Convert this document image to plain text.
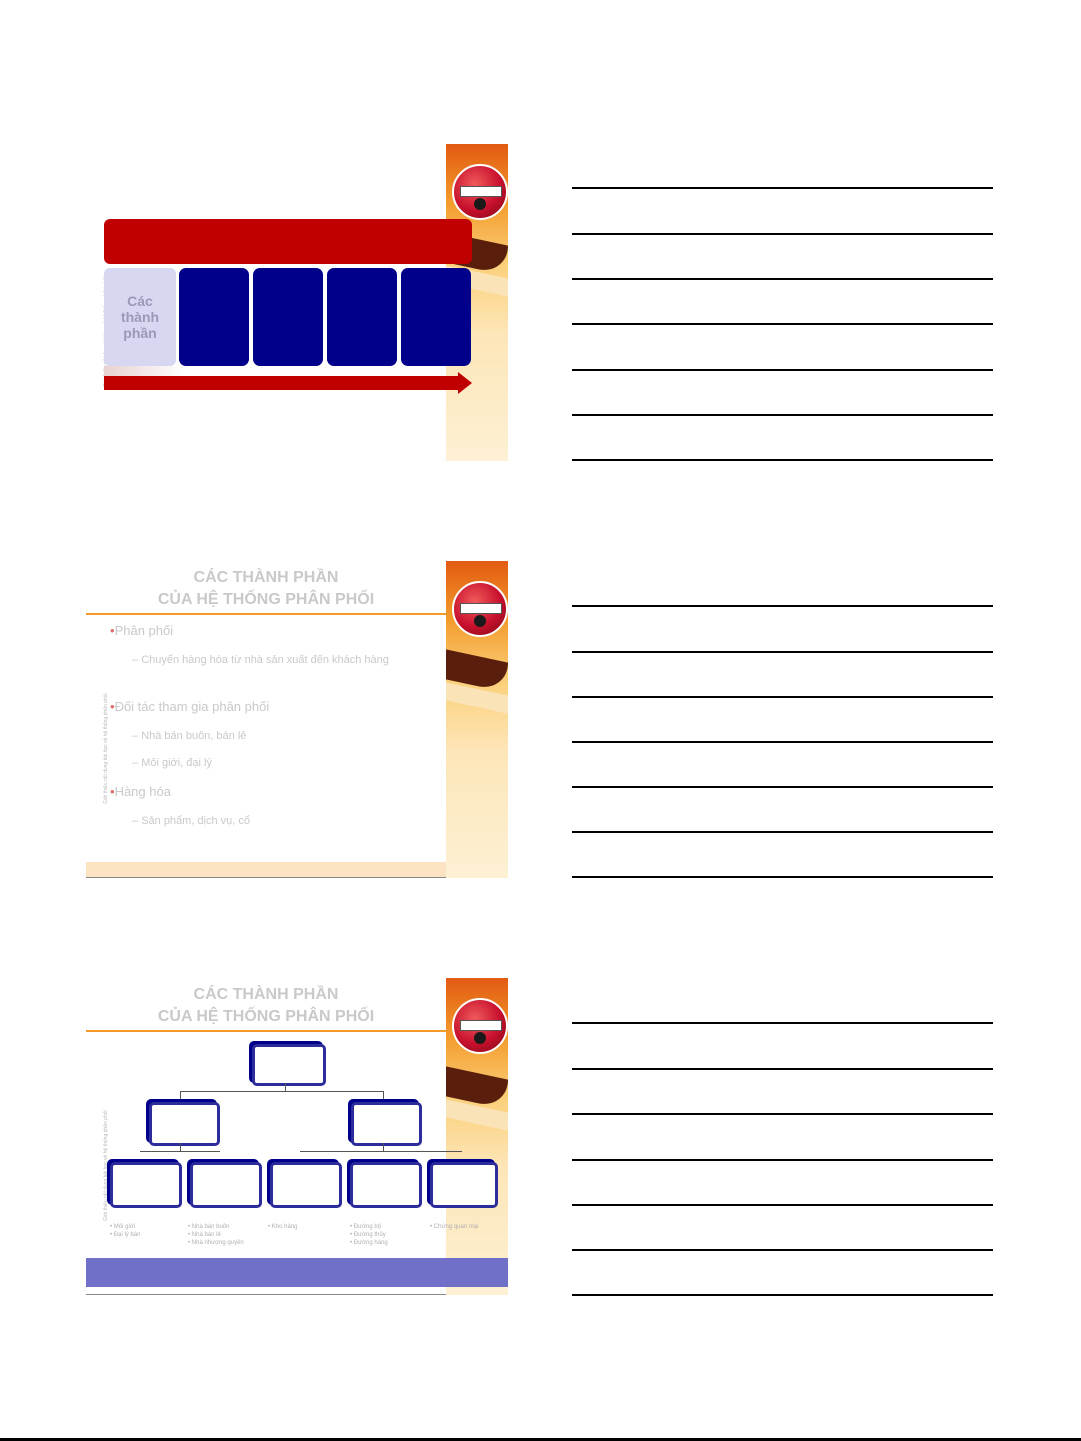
Các
thành
phần
Giới thiệu nội dung bài học về hệ thống phân phối
CÁC THÀNH PHẦN
CỦA HỆ THỐNG PHÂN PHỐI
•Phân phối
– Chuyển hàng hóa từ nhà sản xuất đến khách hàng
•Đối tác tham gia phân phối
– Nhà bán buôn, bán lẻ
– Môi giới, đại lý
•Hàng hóa
– Sản phẩm, dịch vụ, cổ
Giới thiệu nội dung bài học về hệ thống phân phối
CÁC THÀNH PHẦN
CỦA HỆ THỐNG PHÂN PHỐI
• Môi giới
• Đại lý bán
• Nhà bán buôn
• Nhà bán lẻ
• Nhà nhượng quyền
• Kho hàng	• Đường bộ
• Đường thủy
• Đường hàng
• Chứng quan mại
